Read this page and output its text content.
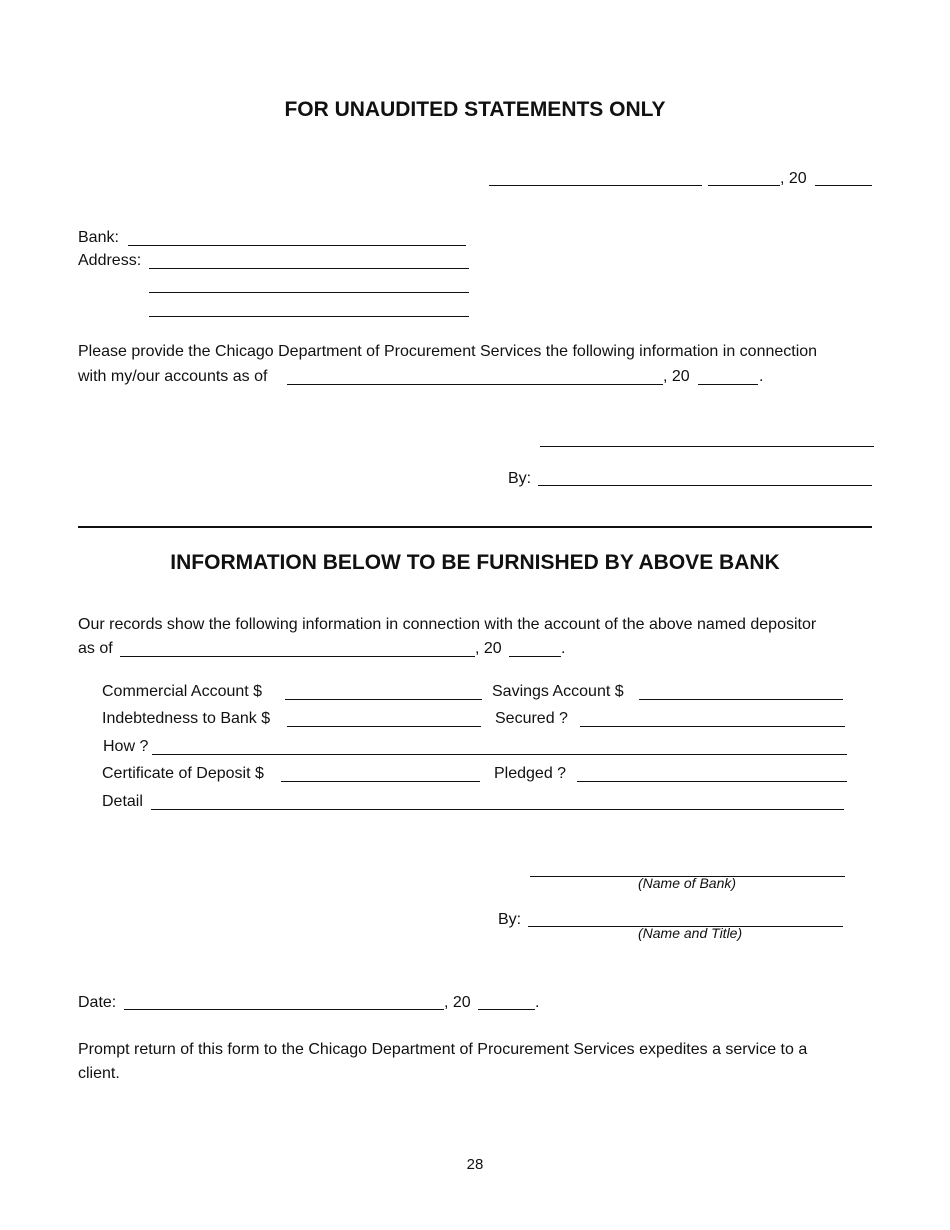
FOR UNAUDITED STATEMENTS ONLY
, 20
Bank:
Address:
Please provide the Chicago Department of Procurement Services the following information in connection
with my/our accounts as of	, 20	.
By:
INFORMATION BELOW TO BE FURNISHED BY ABOVE BANK
Our records show the following information in connection with the account of the above named depositor
as of	, 20	.
Commercial Account $	Savings Account $
Indebtedness to Bank $	Secured ?
How ?
Certificate of Deposit $	Pledged ?
Detail
(Name of Bank)
By:
(Name and Title)
Date:	, 20	.
Prompt return of this form to the Chicago Department of Procurement Services expedites a service to a
client.
28
